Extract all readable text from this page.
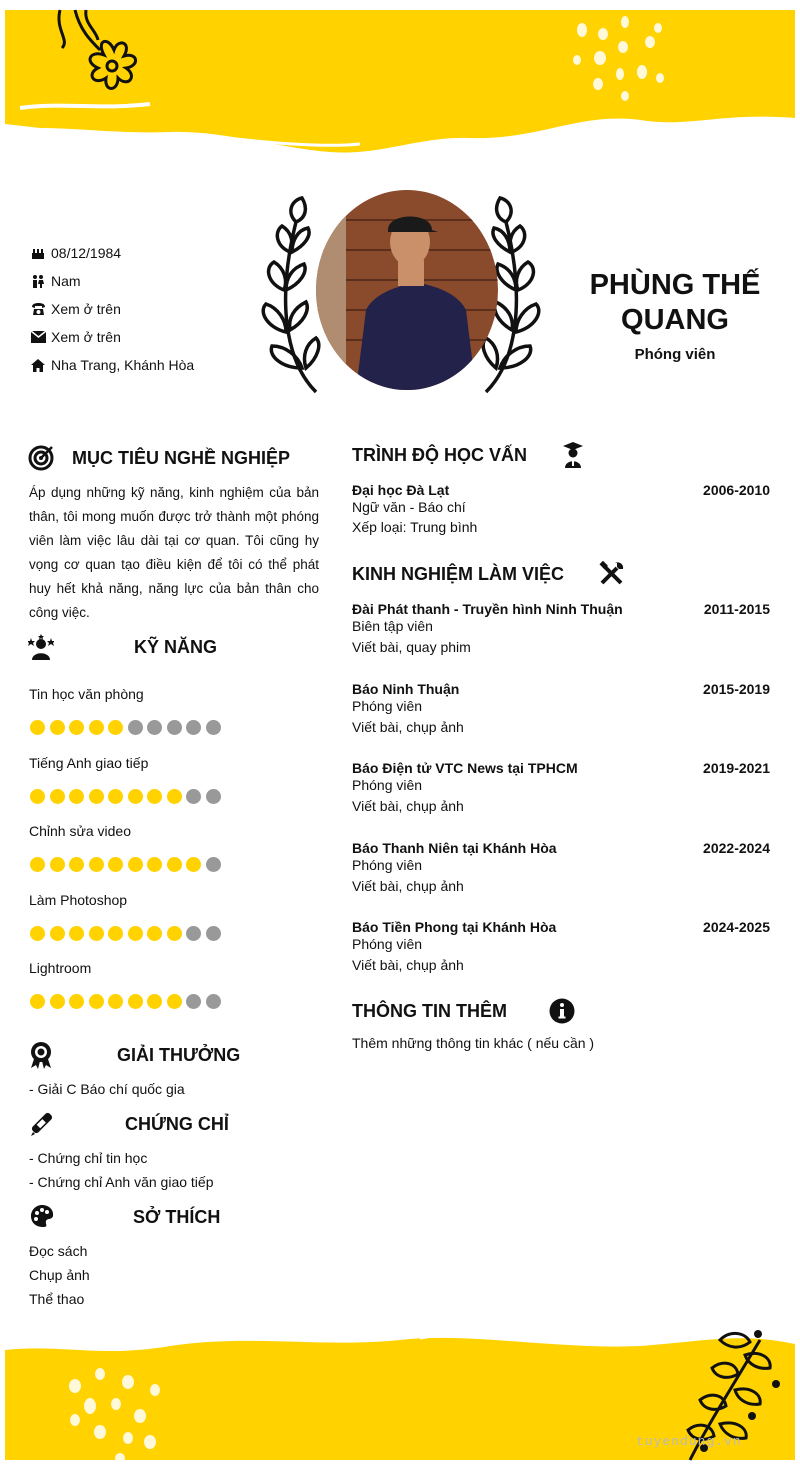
08/12/1984
Nam
Xem ở trên
Xem ở trên
Nha Trang, Khánh Hòa
PHÙNG THẾ
QUANG
Phóng viên
MỤC TIÊU NGHỀ NGHIỆP
Áp dụng những kỹ năng, kinh nghiệm của bản thân, tôi mong muốn được trở thành một phóng viên làm việc lâu dài tại cơ quan. Tôi cũng hy vọng cơ quan tạo điều kiện để tôi có thể phát huy hết khả năng, năng lực của bản thân cho công việc.
KỸ NĂNG
Tin học văn phòng
Tiếng Anh giao tiếp
Chỉnh sửa video
Làm Photoshop
Lightroom
GIẢI THƯỞNG
- Giải C Báo chí quốc gia
CHỨNG CHỈ
- Chứng chỉ tin học
- Chứng chỉ Anh văn giao tiếp
SỞ THÍCH
Đọc sách
Chụp ảnh
Thể thao
TRÌNH ĐỘ HỌC VẤN
Đại học Đà Lạt	2006-2010
Ngữ văn - Báo chí
Xếp loại: Trung bình
KINH NGHIỆM LÀM VIỆC
Đài Phát thanh - Truyền hình Ninh Thuận	2011-2015
Biên tập viên
Viết bài, quay phim
Báo Ninh Thuận	2015-2019
Phóng viên
Viết bài, chụp ảnh
Báo Điện tử VTC News tại TPHCM	2019-2021
Phóng viên
Viết bài, chụp ảnh
Báo Thanh Niên tại Khánh Hòa	2022-2024
Phóng viên
Viết bài, chụp ảnh
Báo Tiền Phong tại Khánh Hòa	2024-2025
Phóng viên
Viết bài, chụp ảnh
THÔNG TIN THÊM
Thêm những thông tin khác ( nếu cần )
tuyendung.vn
